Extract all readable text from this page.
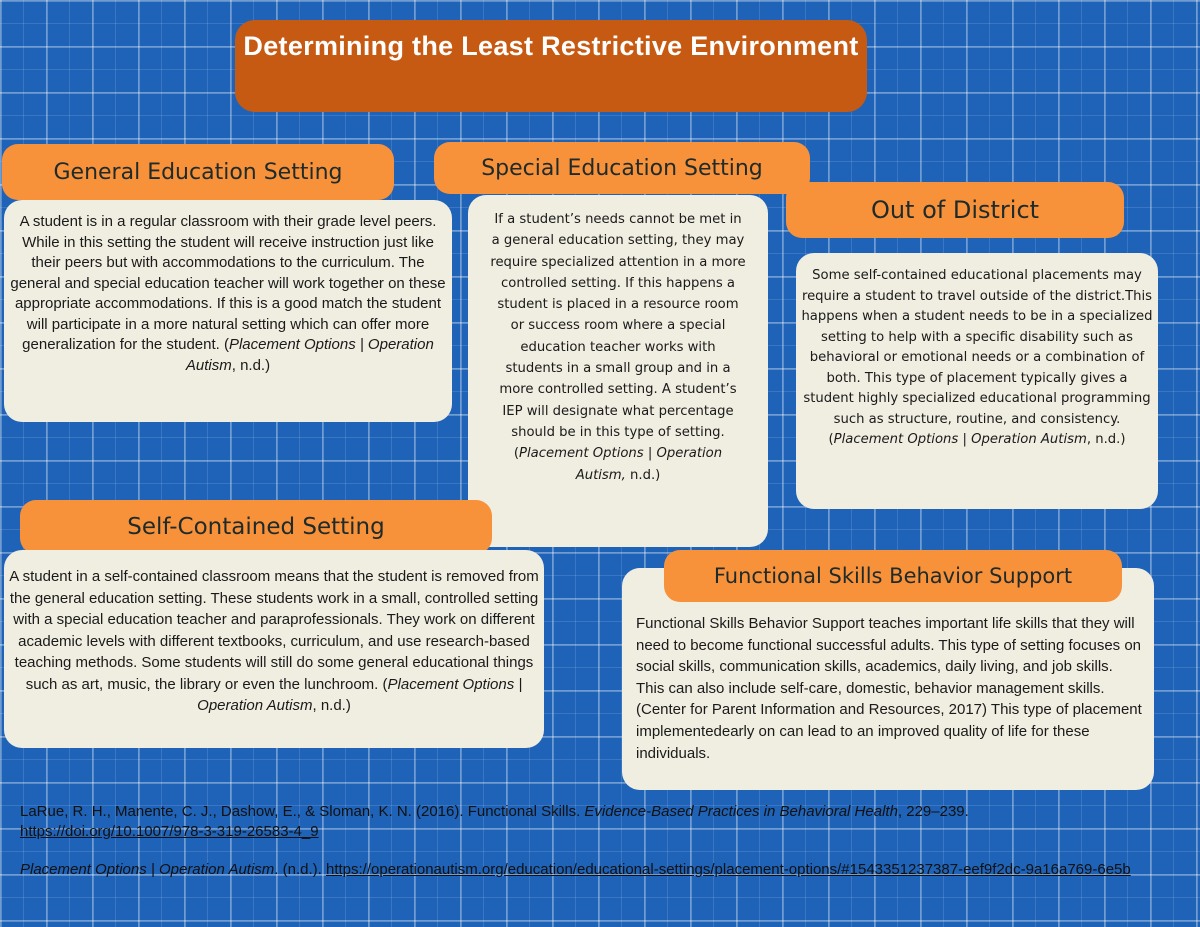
Determining the Least Restrictive Environment
General Education Setting
A student is in a regular classroom with their grade level peers. While in this setting the student will receive instruction just like their peers but with accommodations to the curriculum. The general and special education teacher will work together on these appropriate accommodations. If this is a good match the student will participate in a more natural setting which can offer more generalization for the student. (Placement Options | Operation Autism, n.d.)
If a student’s needs cannot be met in a general education setting, they may require specialized attention in a more controlled setting. If this happens a student is placed in a resource room or success room where a special education teacher works with students in a small group and in a more controlled setting. A student’s IEP will designate what percentage should be in this type of setting. (Placement Options | Operation Autism, n.d.)
Special Education Setting
Out of District
Some self-contained educational placements may require a student to travel outside of the district.This happens when a student needs to be in a specialized setting to help with a specific disability such as behavioral or emotional needs or a combination of both. This type of placement typically gives a student highly specialized educational programming such as structure, routine, and consistency. (Placement Options | Operation Autism, n.d.)
Self-Contained Setting
A student in a self-contained classroom means that the student is removed from the general education setting. These students work in a small, controlled setting with a special education teacher and paraprofessionals. They work on different academic levels with different textbooks, curriculum, and use research-based teaching methods. Some students will still do some general educational things such as art, music, the library or even the lunchroom. (Placement Options | Operation Autism, n.d.)
Functional Skills Behavior Support teaches important life skills that they will need to become functional successful adults. This type of setting focuses on social skills, communication skills, academics, daily living, and job skills. This can also include self-care, domestic, behavior management skills. (Center for Parent Information and Resources, 2017) This type of placement implementedearly on can lead to an improved quality of life for these individuals.
Functional Skills Behavior Support

LaRue, R. H., Manente, C. J., Dashow, E., & Sloman, K. N. (2016). Functional Skills. Evidence-Based Practices in Behavioral Health, 229–239.
https://doi.org/10.1007/978-3-319-26583-4_9

Placement Options | Operation Autism. (n.d.). https://operationautism.org/education/educational-settings/placement-options/#1543351237387-eef9f2dc-9a16a769-6e5b
